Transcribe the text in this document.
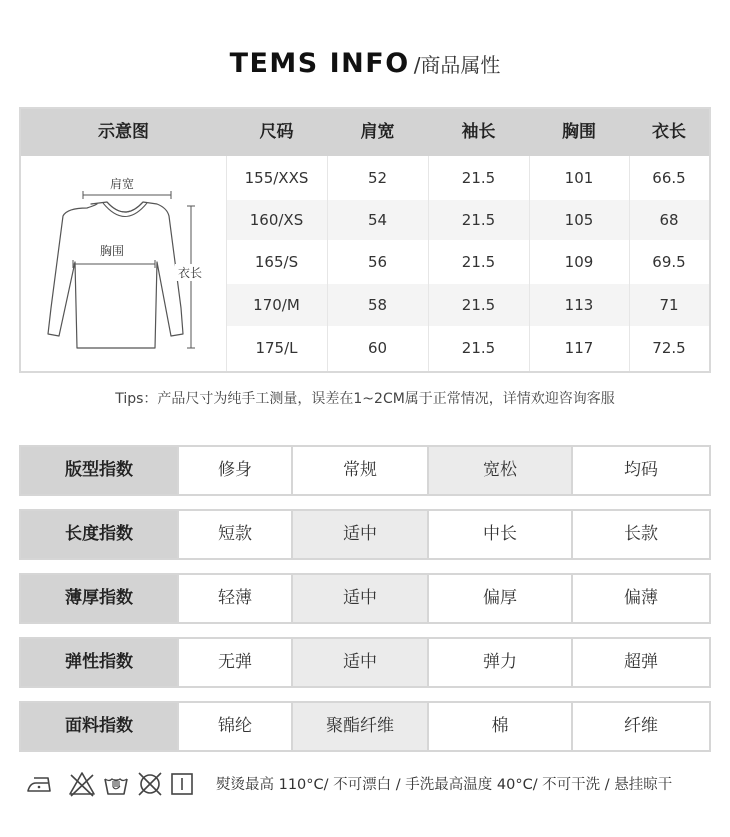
TEMS INFO /商品属性
示意图	尺码	肩宽	袖长	胸围	衣长
肩宽
胸围
衣长
155/XXS	52	21.5	101	66.5
160/XS	54	21.5	105	68
165/S	56	21.5	109	69.5
170/M	58	21.5	113	71
175/L	60	21.5	117	72.5
Tips：产品尺寸为纯手工测量，误差在1~2CM属于正常情况，详情欢迎咨询客服
版型指数	修身	常规	宽松	均码
长度指数	短款	适中	中长	长款
薄厚指数	轻薄	适中	偏厚	偏薄
弹性指数	无弹	适中	弹力	超弹
面料指数	锦纶	聚酯纤维	棉	纤维
熨烫最高 110°C/ 不可漂白 / 手洗最高温度 40°C/ 不可干洗 / 悬挂晾干
